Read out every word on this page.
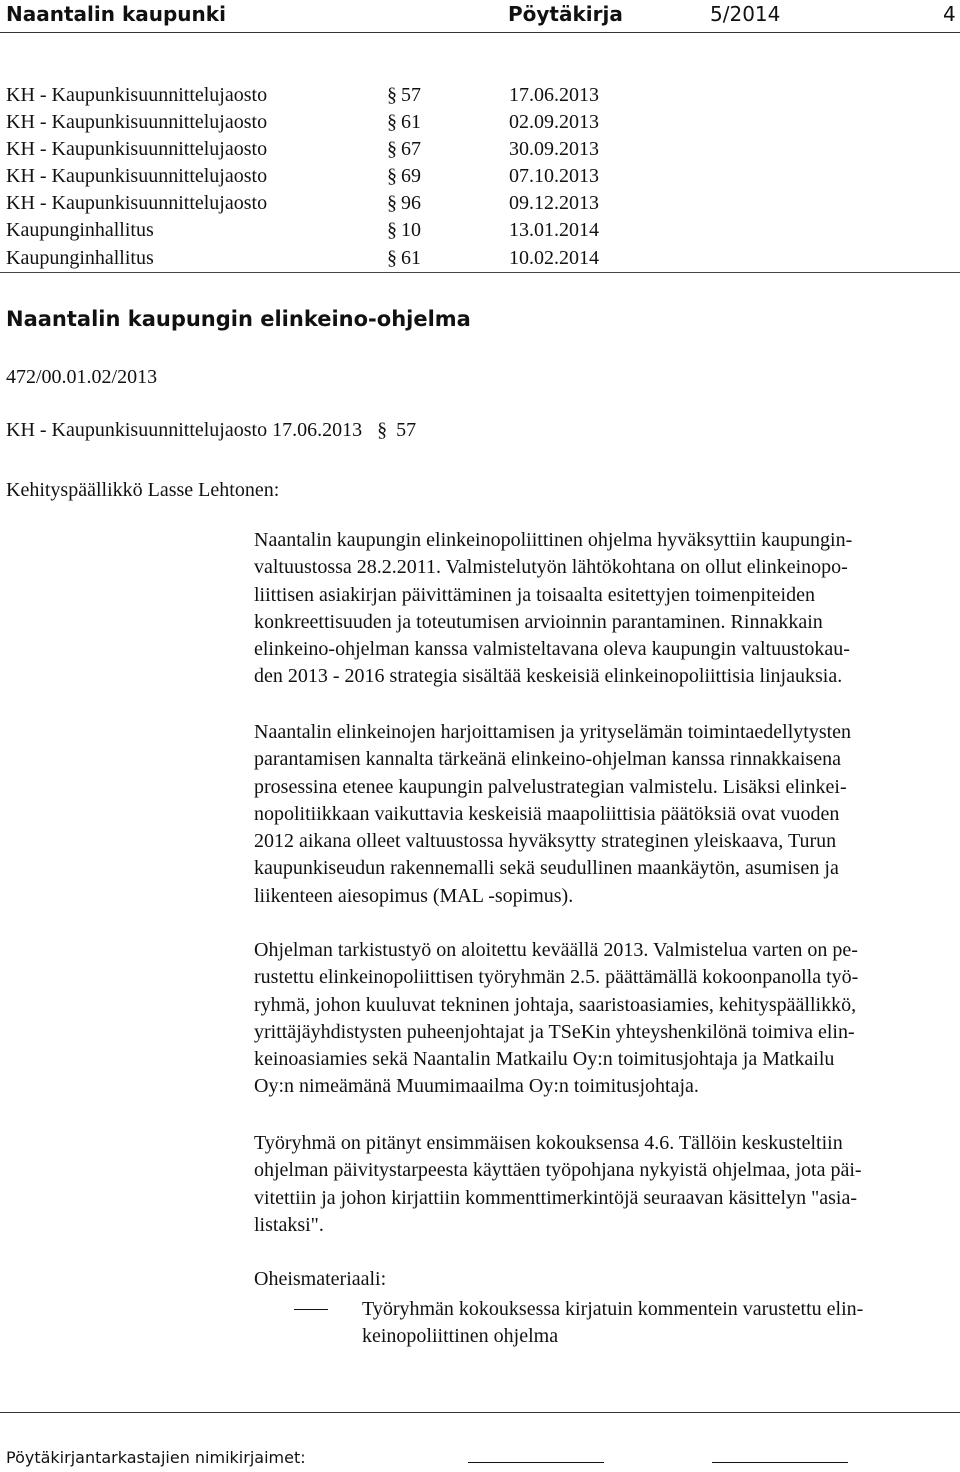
Naantalin kaupunki	Pöytäkirja	5/2014	4
KH - Kaupunkisuunnittelujaosto	§ 57	17.06.2013
KH - Kaupunkisuunnittelujaosto	§ 61	02.09.2013
KH - Kaupunkisuunnittelujaosto	§ 67	30.09.2013
KH - Kaupunkisuunnittelujaosto	§ 69	07.10.2013
KH - Kaupunkisuunnittelujaosto	§ 96	09.12.2013
Kaupunginhallitus	§ 10	13.01.2014
Kaupunginhallitus	§ 61	10.02.2014
Naantalin kaupungin elinkeino-ohjelma
472/00.01.02/2013
KH - Kaupunkisuunnittelujaosto 17.06.2013 § 57
Kehityspäällikkö Lasse Lehtonen:
Naantalin kaupungin elinkeinopoliittinen ohjelma hyväksyttiin kaupungin-
valtuustossa 28.2.2011. Valmistelutyön lähtökohtana on ollut elinkeinopo-
liittisen asiakirjan päivittäminen ja toisaalta esitettyjen toimenpiteiden
konkreettisuuden ja toteutumisen arvioinnin parantaminen. Rinnakkain
elinkeino-ohjelman kanssa valmisteltavana oleva kaupungin valtuustokau-
den 2013 - 2016 strategia sisältää keskeisiä elinkeinopoliittisia linjauksia.
Naantalin elinkeinojen harjoittamisen ja yrityselämän toimintaedellytysten
parantamisen kannalta tärkeänä elinkeino-ohjelman kanssa rinnakkaisena
prosessina etenee kaupungin palvelustrategian valmistelu. Lisäksi elinkei-
nopolitiikkaan vaikuttavia keskeisiä maapoliittisia päätöksiä ovat vuoden
2012 aikana olleet valtuustossa hyväksytty strateginen yleiskaava, Turun
kaupunkiseudun rakennemalli sekä seudullinen maankäytön, asumisen ja
liikenteen aiesopimus (MAL -sopimus).
Ohjelman tarkistustyö on aloitettu keväällä 2013. Valmistelua varten on pe-
rustettu elinkeinopoliittisen työryhmän 2.5. päättämällä kokoonpanolla työ-
ryhmä, johon kuuluvat tekninen johtaja, saaristoasiamies, kehityspäällikkö,
yrittäjäyhdistysten puheenjohtajat ja TSeKin yhteyshenkilönä toimiva elin-
keinoasiamies sekä Naantalin Matkailu Oy:n toimitusjohtaja ja Matkailu
Oy:n nimeämänä Muumimaailma Oy:n toimitusjohtaja.
Työryhmä on pitänyt ensimmäisen kokouksensa 4.6. Tällöin keskusteltiin
ohjelman päivitystarpeesta käyttäen työpohjana nykyistä ohjelmaa, jota päi-
vitettiin ja johon kirjattiin kommenttimerkintöjä seuraavan käsittelyn "asia-
listaksi".
Oheismateriaali:
Työryhmän kokouksessa kirjatuin kommentein varustettu elin-
keinopoliittinen ohjelma
Pöytäkirjantarkastajien nimikirjaimet:
